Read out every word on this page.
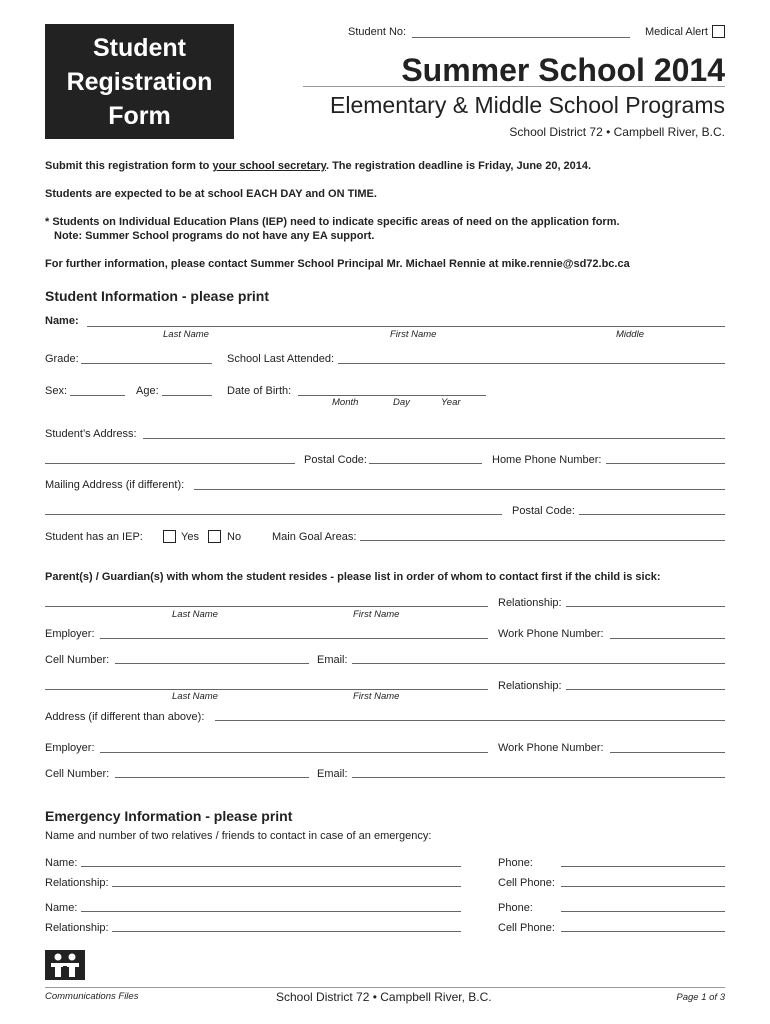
Student
Registration
Form
Student No:	Medical Alert
Summer School 2014
Elementary & Middle School Programs
School District 72 • Campbell River, B.C.
Submit this registration form to your school secretary. The registration deadline is Friday, June 20, 2014.
Students are expected to be at school EACH DAY and ON TIME.
* Students on Individual Education Plans (IEP) need to indicate specific areas of need on the application form.
Note: Summer School programs do not have any EA support.
For further information, please contact Summer School Principal Mr. Michael Rennie at mike.rennie@sd72.bc.ca
Student Information - please print
Name:
Last Name	First Name	Middle
Grade:	School Last Attended:
Sex:	Age:	Date of Birth:
Month	Day	Year
Student’s Address:
Postal Code:	Home Phone Number:
Mailing Address (if different):
Postal Code:
Student has an IEP:	Yes	No	Main Goal Areas:
Parent(s) / Guardian(s) with whom the student resides - please list in order of whom to contact first if the child is sick:
Relationship:
Last Name	First Name
Employer:	Work Phone Number:
Cell Number:	Email:
Relationship:
Last Name	First Name
Address (if different than above):
Employer:	Work Phone Number:
Cell Number:	Email:
Emergency Information - please print
Name and number of two relatives / friends to contact in case of an emergency:
Name:	Phone:
Relationship:	Cell Phone:
Name:	Phone:
Relationship:	Cell Phone:
Communications Files	School District 72 • Campbell River, B.C.	Page 1 of 3
